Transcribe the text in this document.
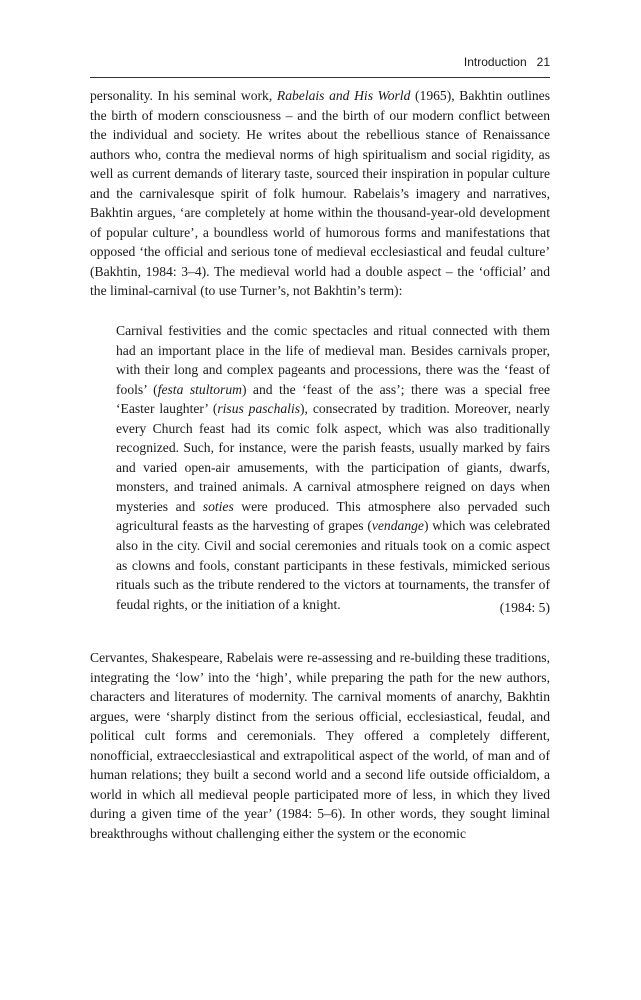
Introduction 21

personality. In his seminal work, Rabelais and His World (1965), Bakhtin outlines the birth of modern consciousness – and the birth of our modern conflict between the individual and society. He writes about the rebellious stance of Renaissance authors who, contra the medieval norms of high spiritualism and social rigidity, as well as current demands of literary taste, sourced their inspiration in popular culture and the carnivalesque spirit of folk humour. Rabelais’s imagery and narratives, Bakhtin argues, ‘are completely at home within the thousand-year-old development of popular culture’, a boundless world of humorous forms and manifestations that opposed ‘the official and serious tone of medieval ecclesiastical and feudal culture’ (Bakhtin, 1984: 3–4). The medieval world had a double aspect – the ‘official’ and the liminal-carnival (to use Turner’s, not Bakhtin’s term):

Carnival festivities and the comic spectacles and ritual connected with them had an important place in the life of medieval man. Besides carnivals proper, with their long and complex pageants and processions, there was the ‘feast of fools’ (festa stultorum) and the ‘feast of the ass’; there was a special free ‘Easter laughter’ (risus paschalis), consecrated by tradition. Moreover, nearly every Church feast had its comic folk aspect, which was also traditionally recognized. Such, for instance, were the parish feasts, usually marked by fairs and varied open-air amusements, with the participation of giants, dwarfs, monsters, and trained animals. A carnival atmosphere reigned on days when mysteries and soties were produced. This atmosphere also pervaded such agricultural feasts as the harvesting of grapes (vendange) which was celebrated also in the city. Civil and social ceremonies and rituals took on a comic aspect as clowns and fools, constant participants in these festivals, mimicked serious rituals such as the tribute rendered to the victors at tournaments, the transfer of feudal rights, or the initiation of a knight.	(1984: 5)

Cervantes, Shakespeare, Rabelais were re-assessing and re-building these traditions, integrating the ‘low’ into the ‘high’, while preparing the path for the new authors, characters and literatures of modernity. The carnival moments of anarchy, Bakhtin argues, were ‘sharply distinct from the serious official, ecclesiastical, feudal, and political cult forms and ceremonials. They offered a completely different, nonofficial, extraecclesiastical and extrapolitical aspect of the world, of man and of human relations; they built a second world and a second life outside officialdom, a world in which all medieval people participated more of less, in which they lived during a given time of the year’ (1984: 5–6). In other words, they sought liminal breakthroughs without challenging either the system or the economic
